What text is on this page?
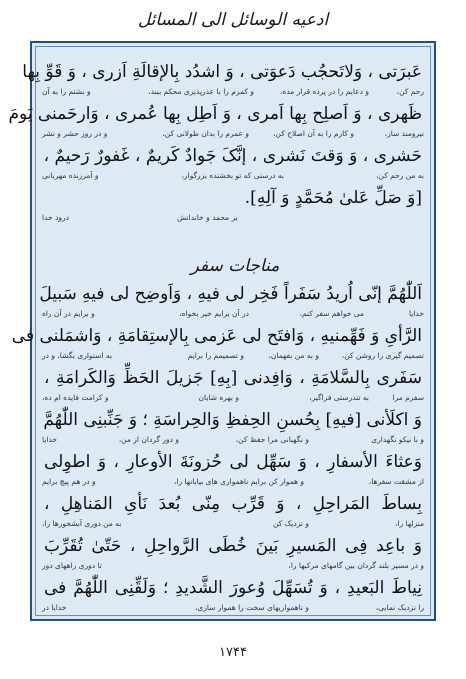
ادعیه الوسائل الی المسائل
عَبرَتی ، وَلاتَحجُب دَعوَتی ، وَ اشدُد بِالإقالَةِ اَزری ، وَ قَوِّ بِها
رحم کن،
و دعایم را در پرده قرار مده،
و کمرم را با عذرپذیری محکم ببند،
و بشتم را به آن
ظَهری ، وَ اَصلِح بِها اَمری ، وَ اَطِل بِها عُمری ، وَارحَمنی یَومَ
نیرومند ساز،
و کارم را به آن اصلاح کن،
و عمرم را بدان طولانی کن،
و در روز حشر و نشر
حَشری ، وَ وَقتَ نَشری ، إنَّکَ جَوادٌ کَریمٌ ، غَفورٌ رَحیمٌ ،
به من رحم کن،
به درستی که تو بخشنده بزرگوار،
و آمرزنده مهربانی
[وَ صَلِّ عَلیٰ مُحَمَّدٍ وَ آلِهِ].
درود خدا	بر محمد و خاندانش
مناجات سفر
اَللّٰهُمَّ إنّی اُریدُ سَفَراً فَخِر لی فیهِ ، وَاَوضِح لی فیهِ سَبیلَ
خدایا
می خواهم سفر کنم،
در آن برایم خیر بخواه،
و برایم در آن راه
الرَّأیِ وَ فَهِّمنیهِ ، وَافتَح لی عَزمی بِالإستِقامَةِ ، وَاشمَلنی فی
تصمیم گیری را روشن کن،
و به من بفهمان،
و تصمیمم را برایم
به استواری بگشا، و در
سَفَری بِالسَّلامَةِ ، وَافِدنی [بِهِ] جَزیلَ الحَظِّ وَالکَرامَةِ ،
سفرم مرا
به تندرستی فراگیر،
و بهره شایان
و کرامت فایده ام ده،
وَ اکلَأنی [فیهِ] بِحُسنِ الحِفظِ وَالحِراسَةِ ؛ وَ جَنِّبنِی اللّٰهُمَّ
و با نیکو نگهداری
و نگهبانی مرا حفظ کن،
و دور گردان از من،
خدایا
وَعثاءَ الأسفارِ ، وَ سَهِّل لی حُزونَةَ الأوعارِ ، وَ اطوِلی
از مشقت سفرها،
و هموار کن برایم ناهمواری های بیابانها را،
و در هم پیچ برایم
بِساطَ المَراحِلِ ، وَ قَرِّب مِنّی بُعدَ نَأیِ المَناهِلِ ،
منزلها را،
و نزدیک کن
به من دوری آبشخورها را،
وَ باعِد فِی المَسیرِ بَینَ خُطَی الرَّواحِلِ ، حَتّیٰ تُقَرِّبَ
و در مسیر بلند گردان بین گامهای مرکبها را،
تا دوری راههای دور
نِیاطَ البَعیدِ ، وَ تُسَهِّلَ وُعورَ الشَّدیدِ ؛ وَلَقِّنِی اللّٰهُمَّ فی
را نزدیک نمایی،
و ناهمواریهای سخت را هموار سازی،
خدایا در
۱۷۴۴
